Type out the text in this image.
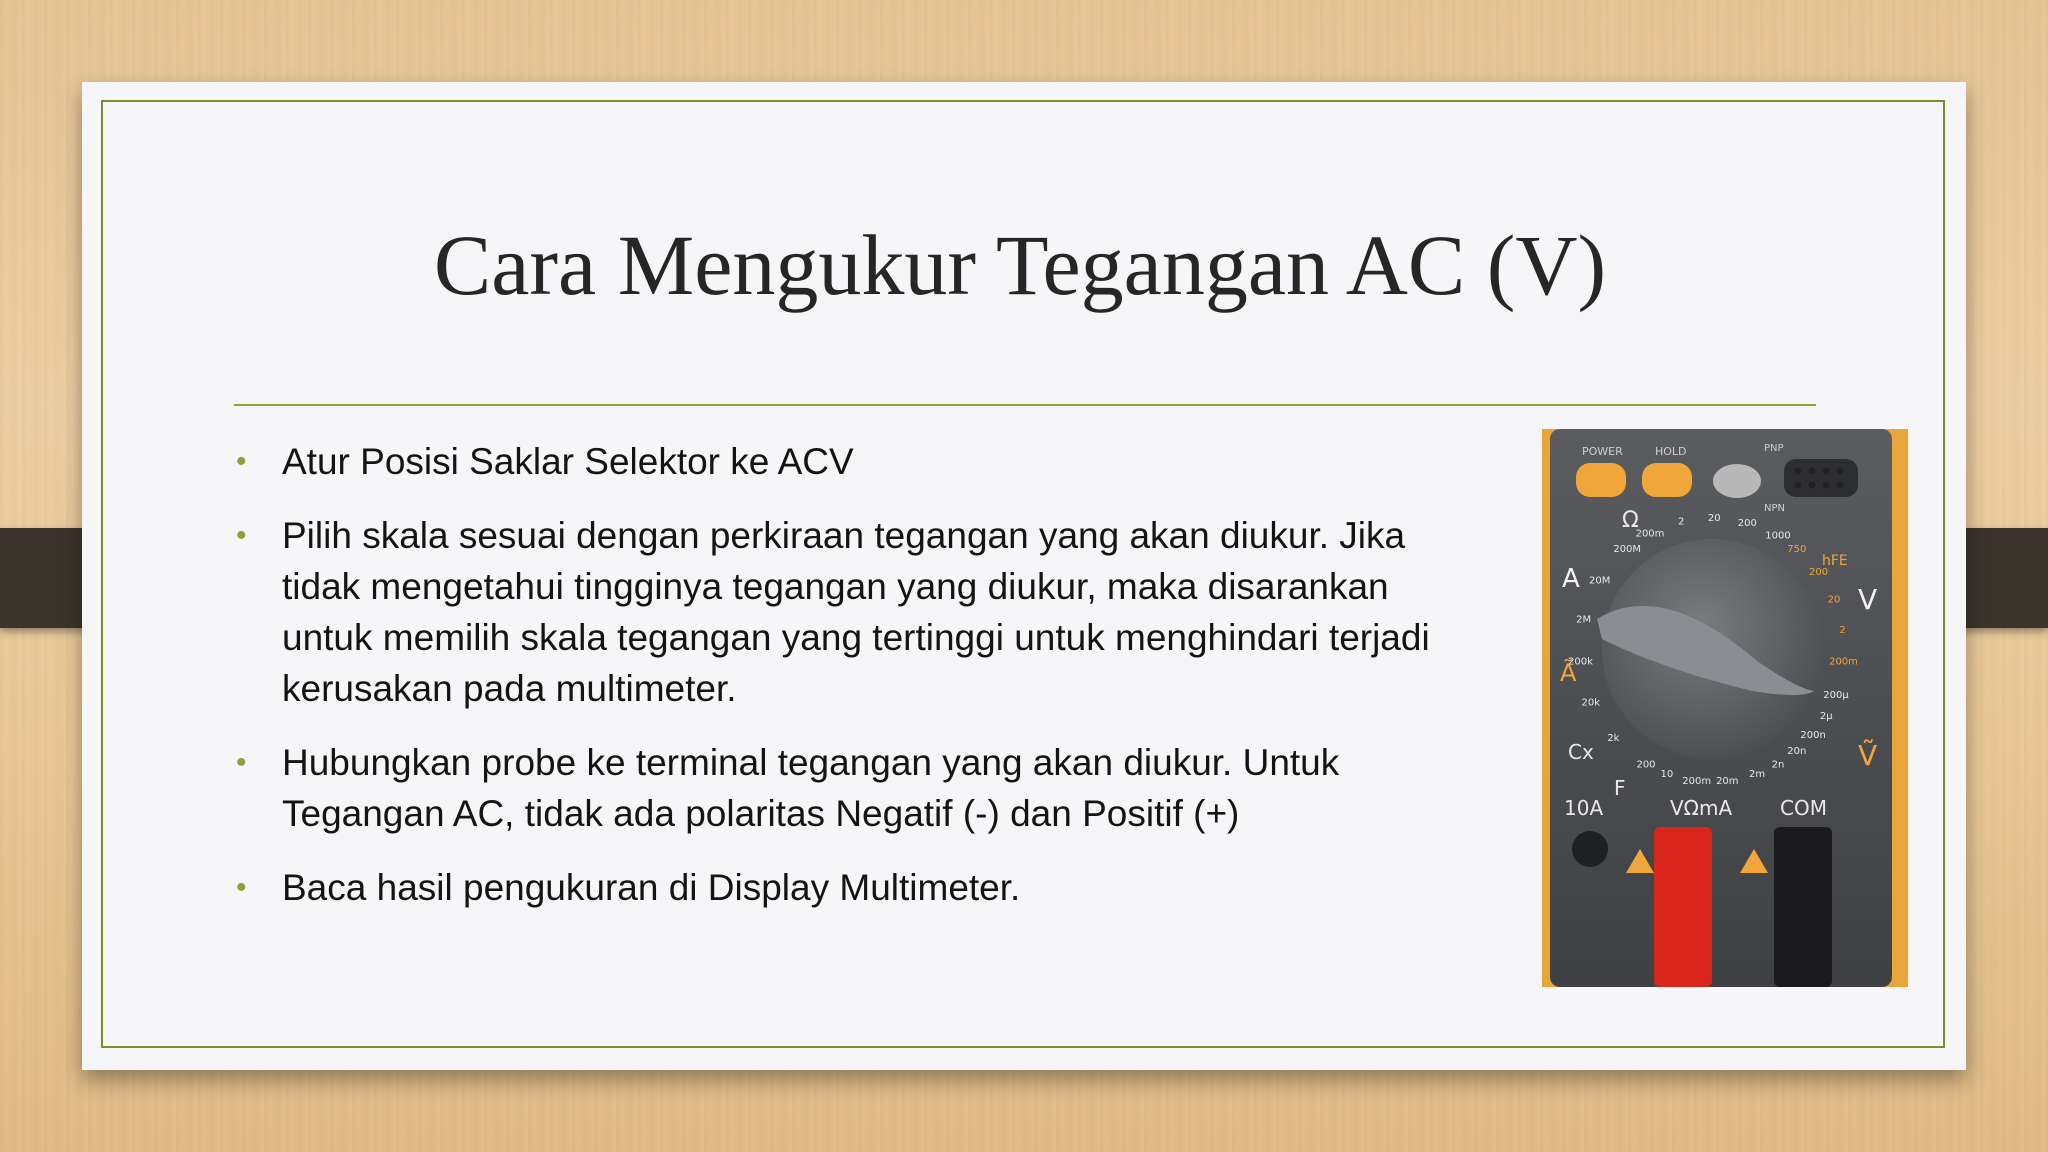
Cara Mengukur Tegangan AC (V)
• Atur Posisi Saklar Selektor ke ACV
• Pilih skala sesuai dengan perkiraan tegangan yang akan diukur. Jika tidak mengetahui tingginya tegangan yang diukur, maka disarankan untuk memilih skala tegangan yang tertinggi untuk menghindari terjadi kerusakan pada multimeter.
• Hubungkan probe ke terminal tegangan yang akan diukur. Untuk Tegangan AC, tidak ada polaritas Negatif (-) dan Positif (+)
• Baca hasil pengukuran di Display Multimeter.
POWER	HOLD	PNP
NPN
Ω
A
Ã
hFE
V
Ṽ
Cx
F
10A	VΩmA COM
200
2k
20k
200k
2M
20M
200M
200m
2 20 200
1000
750
200
20
2
200m
200µ
2µ
200n
20n
2n
2m
20m
200m
10
